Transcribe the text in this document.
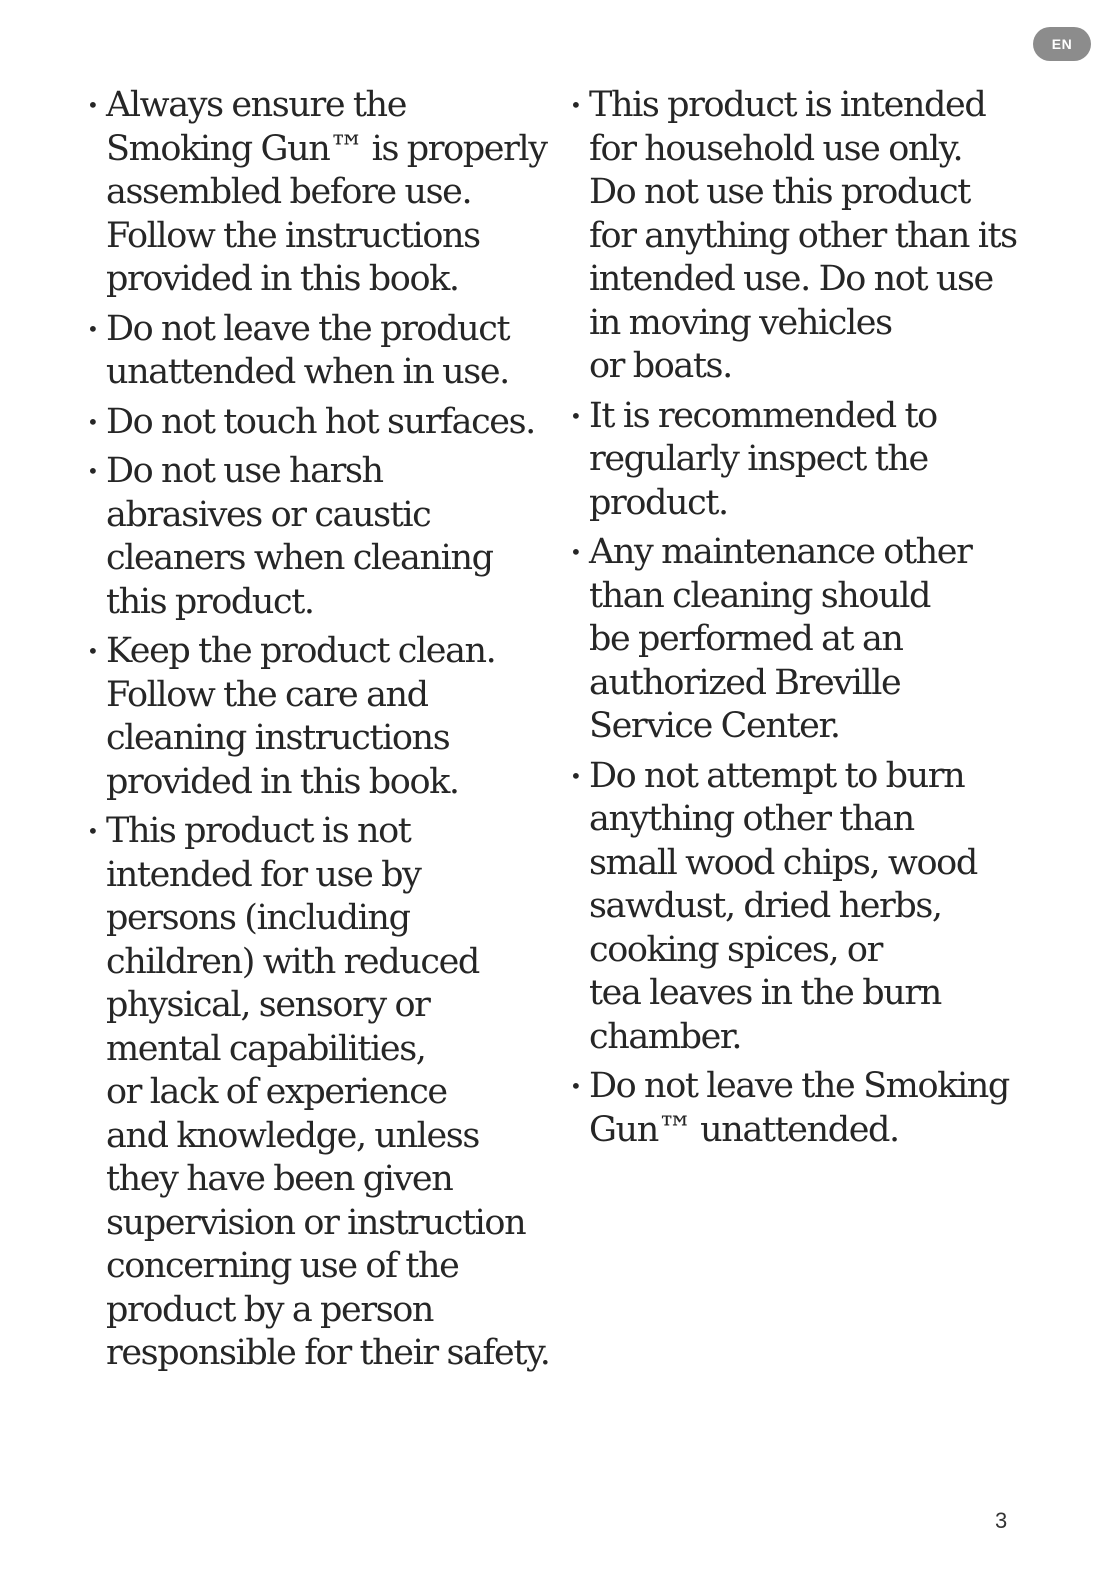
EN
• Always ensure the
Smoking Gun™ is properly
assembled before use.
Follow the instructions
provided in this book.
• Do not leave the product
unattended when in use.
• Do not touch hot surfaces.
• Do not use harsh
abrasives or caustic
cleaners when cleaning
this product.
• Keep the product clean.
Follow the care and
cleaning instructions
provided in this book.
• This product is not
intended for use by
persons (including
children) with reduced
physical, sensory or
mental capabilities,
or lack of experience
and knowledge, unless
they have been given
supervision or instruction
concerning use of the
product by a person
responsible for their safety.
• This product is intended
for household use only.
Do not use this product
for anything other than its
intended use. Do not use
in moving vehicles
or boats.
• It is recommended to
regularly inspect the
product.
• Any maintenance other
than cleaning should
be performed at an
authorized Breville
Service Center.
• Do not attempt to burn
anything other than
small wood chips, wood
sawdust, dried herbs,
cooking spices, or
tea leaves in the burn
chamber.
• Do not leave the Smoking
Gun™ unattended.
3
